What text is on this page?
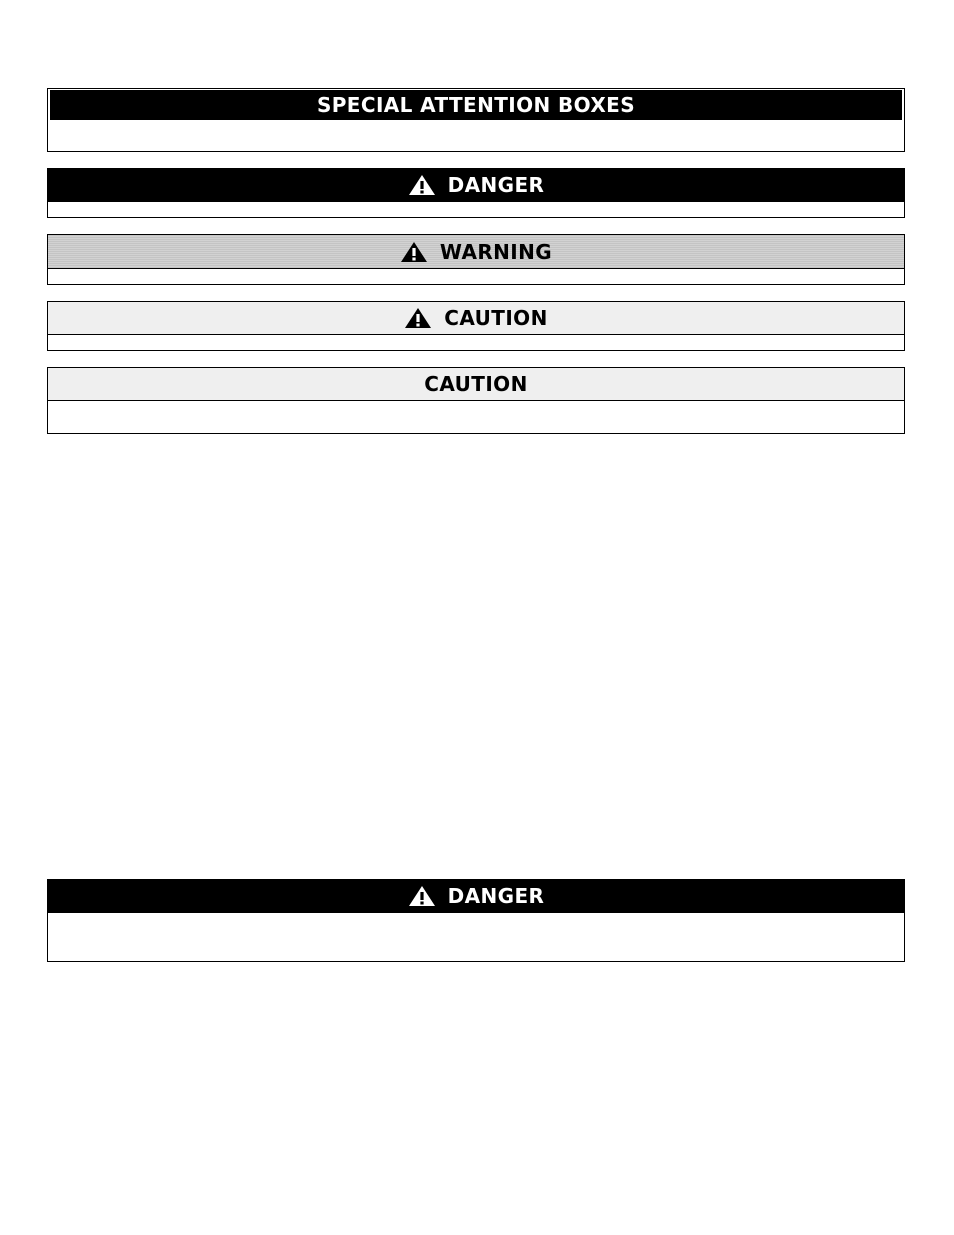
SPECIAL ATTENTION BOXES
DANGER
WARNING
CAUTION
CAUTION
DANGER
